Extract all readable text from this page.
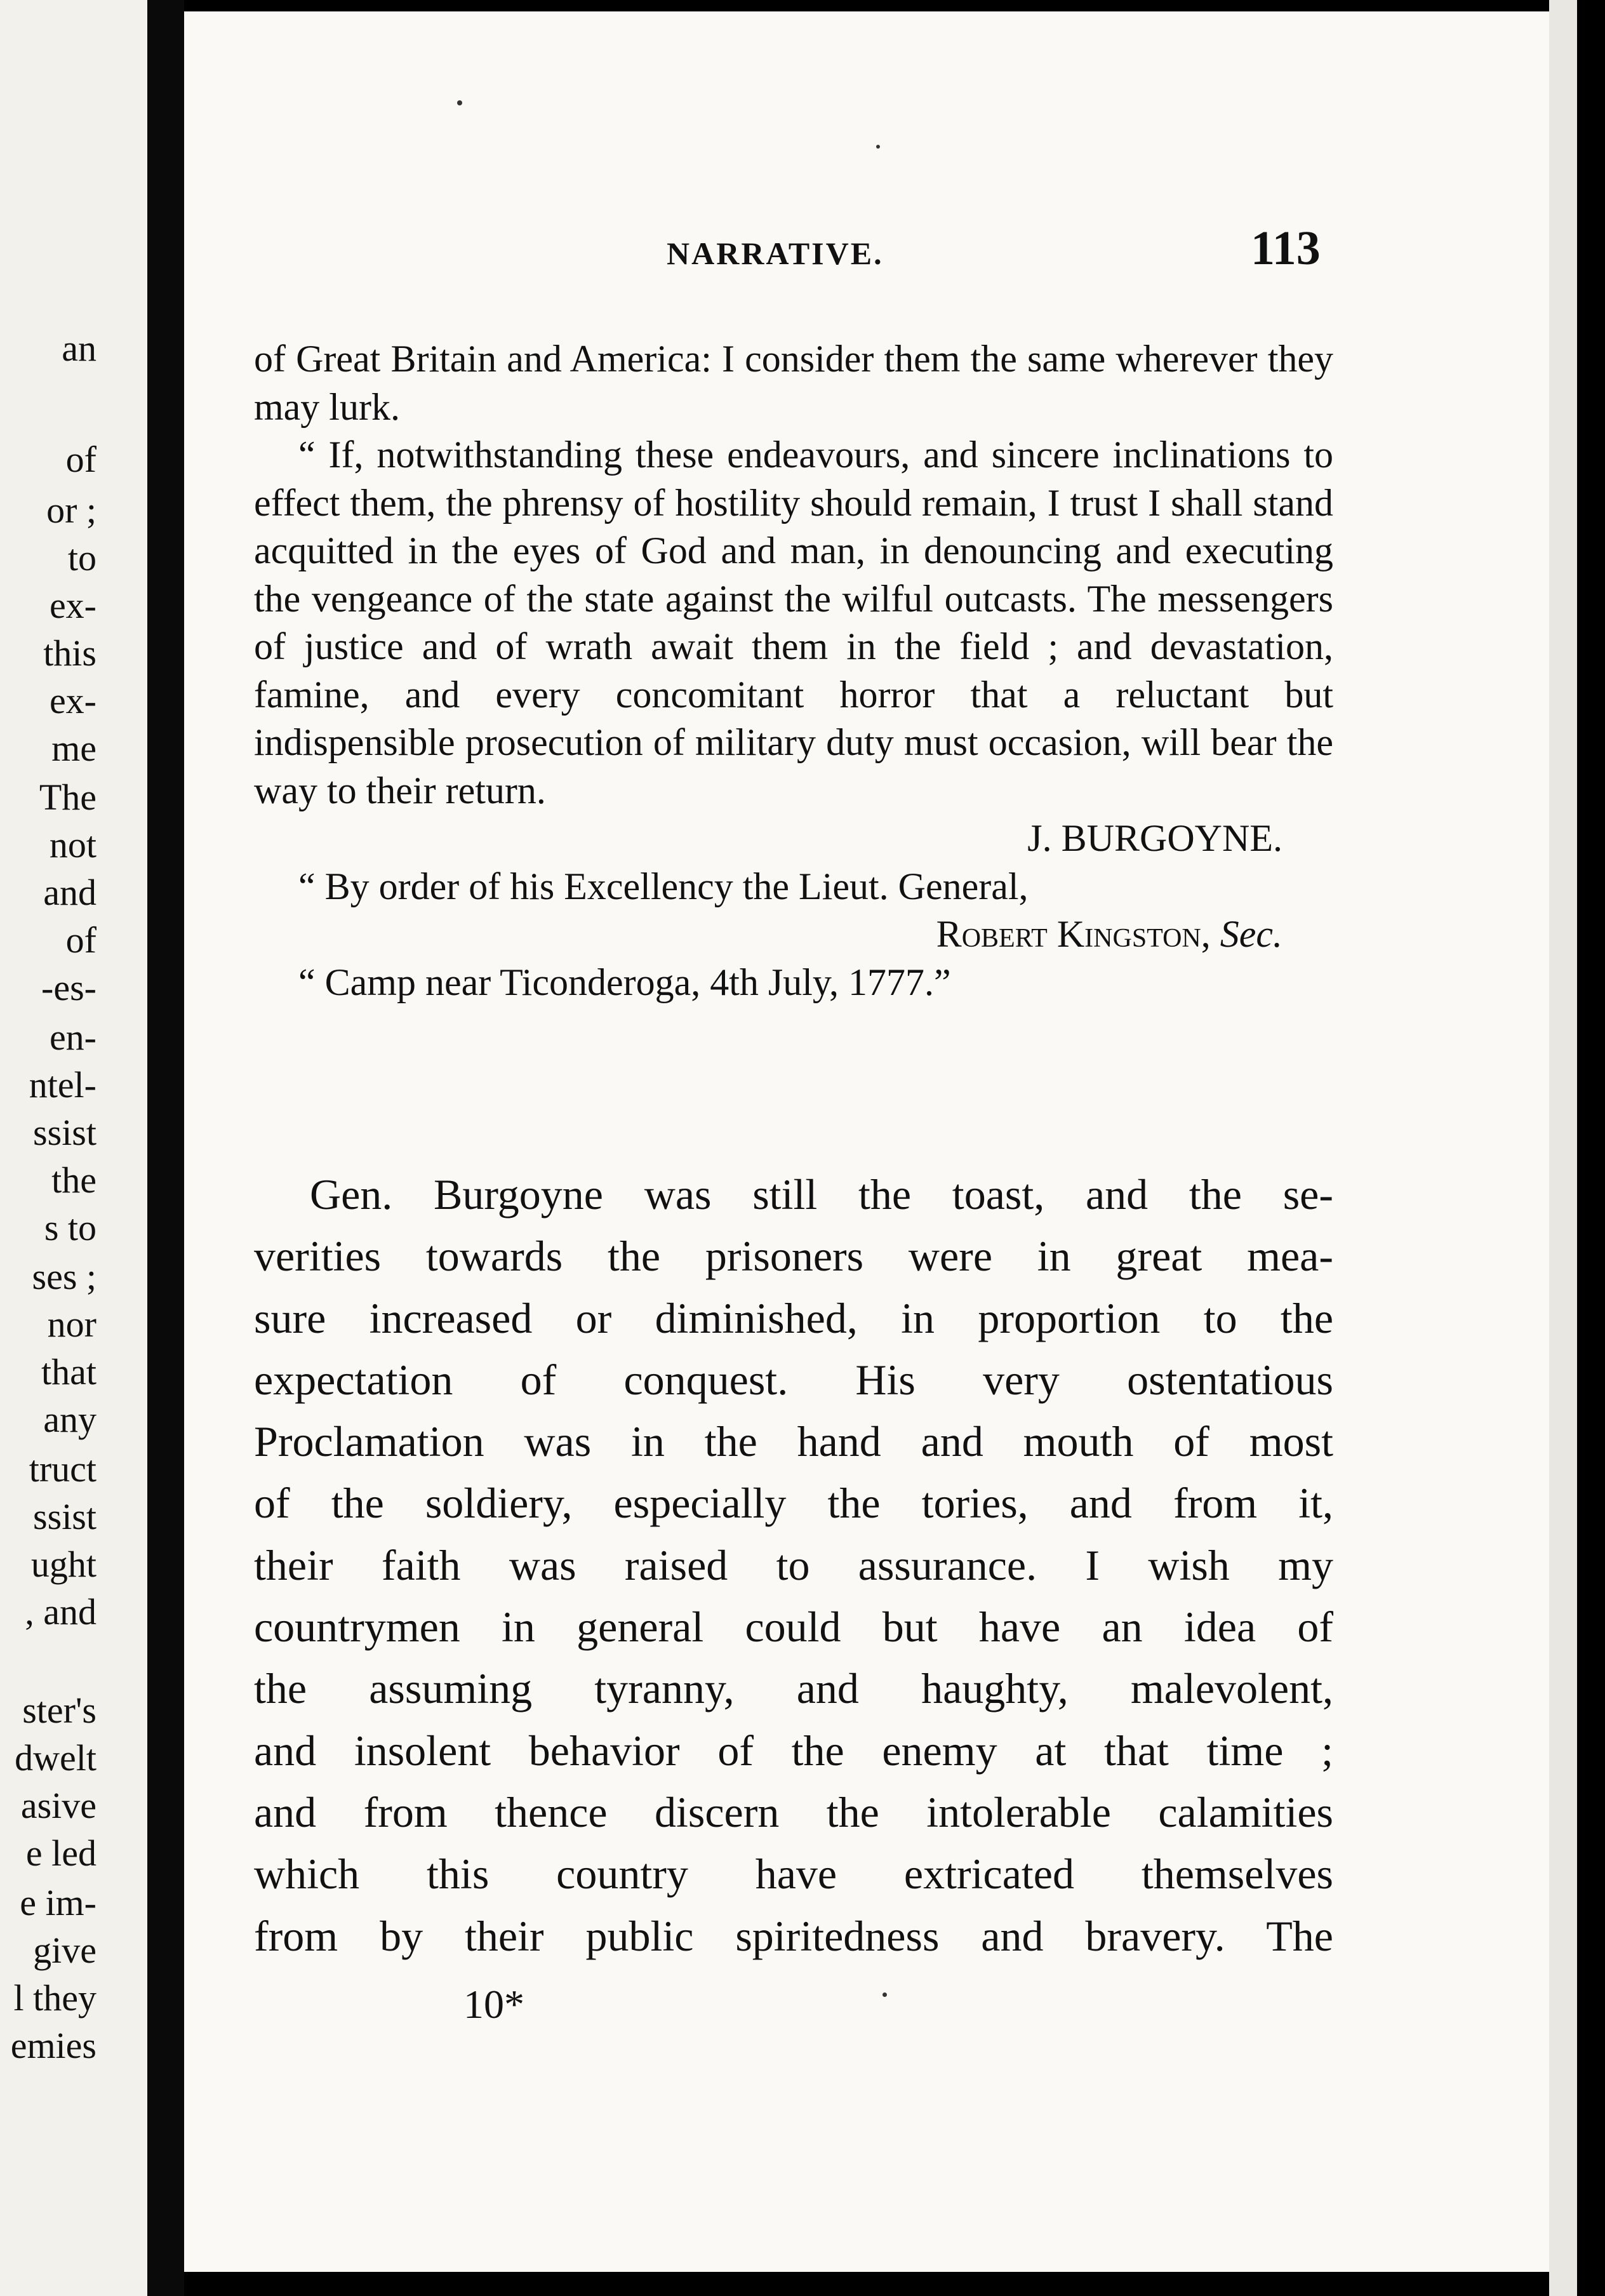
an
of
or ;
to
ex-
this
ex-
me
The
not
and
of
-es-
en-
ntel-
ssist
the
s to
ses ;
nor
that
any
truct
ssist
ught
, and
ster's
dwelt
asive
e led
e im-
give
l they
emies
NARRATIVE.	113

of Great Britain and America: I consider them the same wherever they may lurk.

“ If, notwithstanding these endeavours, and sincere inclinations to effect them, the phrensy of hostility should remain, I trust I shall stand acquitted in the eyes of God and man, in denouncing and executing the vengeance of the state against the wilful outcasts. The messengers of justice and of wrath await them in the field ; and devastation, famine, and every concomitant horror that a reluctant but indispensible prosecution of military duty must occasion, will bear the way to their return.

J. BURGOYNE.

“ By order of his Excellency the Lieut. General,

Robert Kingston, Sec.

“ Camp near Ticonderoga, 4th July, 1777.”

Gen. Burgoyne was still the toast, and the se-

verities towards the prisoners were in great mea-

sure increased or diminished, in proportion to the

expectation of conquest. His very ostentatious

Proclamation was in the hand and mouth of most

of the soldiery, especially the tories, and from it,

their faith was raised to assurance. I wish my

countrymen in general could but have an idea of

the assuming tyranny, and haughty, malevolent,

and insolent behavior of the enemy at that time ;

and from thence discern the intolerable calamities

which this country have extricated themselves

from by their public spiritedness and bravery. The

10*
